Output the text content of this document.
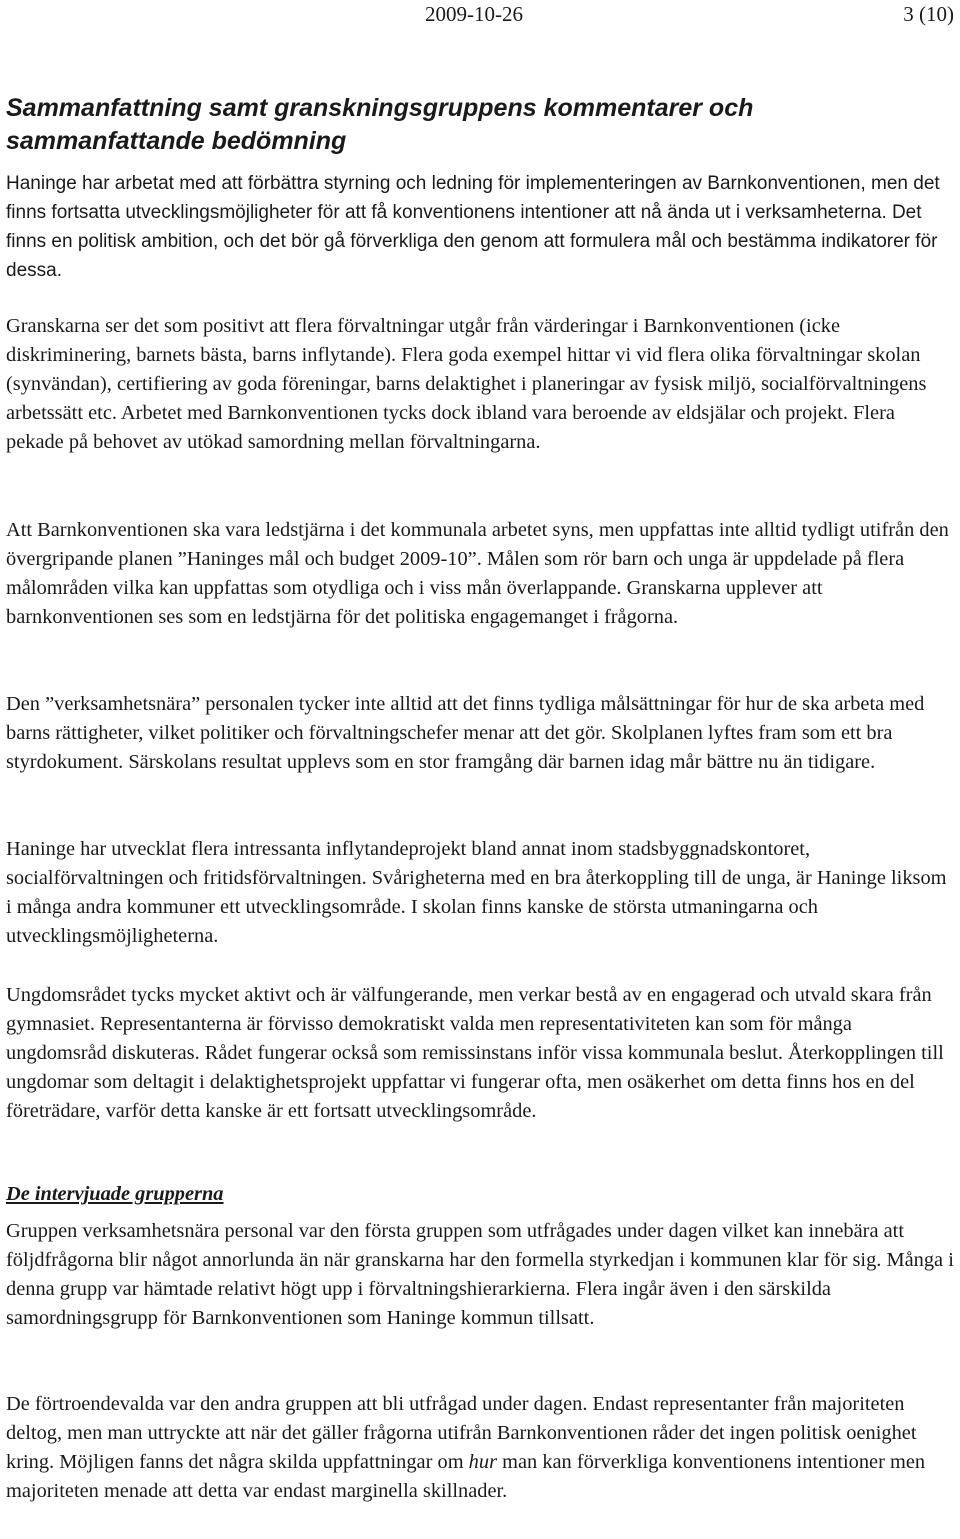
2009-10-26	3 (10)
Sammanfattning samt granskningsgruppens kommentarer och sammanfattande bedömning

Haninge har arbetat med att förbättra styrning och ledning för implementeringen av Barnkonventionen, men det finns fortsatta utvecklingsmöjligheter för att få konventionens intentioner att nå ända ut i verksamheterna. Det finns en politisk ambition, och det bör gå förverkliga den genom att formulera mål och bestämma indikatorer för dessa.

Granskarna ser det som positivt att flera förvaltningar utgår från värderingar i Barnkonventionen (icke diskriminering, barnets bästa, barns inflytande). Flera goda exempel hittar vi vid flera olika förvaltningar skolan (synvändan), certifiering av goda föreningar, barns delaktighet i planeringar av fysisk miljö, socialförvaltningens arbetssätt etc. Arbetet med Barnkonventionen tycks dock ibland vara beroende av eldsjälar och projekt. Flera pekade på behovet av utökad samordning mellan förvaltningarna.

Att Barnkonventionen ska vara ledstjärna i det kommunala arbetet syns, men uppfattas inte alltid tydligt utifrån den övergripande planen ”Haninges mål och budget 2009-10”. Målen som rör barn och unga är uppdelade på flera målområden vilka kan uppfattas som otydliga och i viss mån överlappande. Granskarna upplever att barnkonventionen ses som en ledstjärna för det politiska engagemanget i frågorna.

Den ”verksamhetsnära” personalen tycker inte alltid att det finns tydliga målsättningar för hur de ska arbeta med barns rättigheter, vilket politiker och förvaltningschefer menar att det gör. Skolplanen lyftes fram som ett bra styrdokument. Särskolans resultat upplevs som en stor framgång där barnen idag mår bättre nu än tidigare.

Haninge har utvecklat flera intressanta inflytandeprojekt bland annat inom stadsbyggnadskontoret, socialförvaltningen och fritidsförvaltningen. Svårigheterna med en bra återkoppling till de unga, är Haninge liksom i många andra kommuner ett utvecklingsområde. I skolan finns kanske de största utmaningarna och utvecklingsmöjligheterna.

Ungdomsrådet tycks mycket aktivt och är välfungerande, men verkar bestå av en engagerad och utvald skara från gymnasiet. Representanterna är förvisso demokratiskt valda men representativiteten kan som för många ungdomsråd diskuteras. Rådet fungerar också som remissinstans inför vissa kommunala beslut. Återkopplingen till ungdomar som deltagit i delaktighetsprojekt uppfattar vi fungerar ofta, men osäkerhet om detta finns hos en del företrädare, varför detta kanske är ett fortsatt utvecklingsområde.

De intervjuade grupperna

Gruppen verksamhetsnära personal var den första gruppen som utfrågades under dagen vilket kan innebära att följdfrågorna blir något annorlunda än när granskarna har den formella styrkedjan i kommunen klar för sig. Många i denna grupp var hämtade relativt högt upp i förvaltningshierarkierna. Flera ingår även i den särskilda samordningsgrupp för Barnkonventionen som Haninge kommun tillsatt.

De förtroendevalda var den andra gruppen att bli utfrågad under dagen. Endast representanter från majoriteten deltog, men man uttryckte att när det gäller frågorna utifrån Barnkonventionen råder det ingen politisk oenighet kring. Möjligen fanns det några skilda uppfattningar om hur man kan förverkliga konventionens intentioner men majoriteten menade att detta var endast marginella skillnader.
